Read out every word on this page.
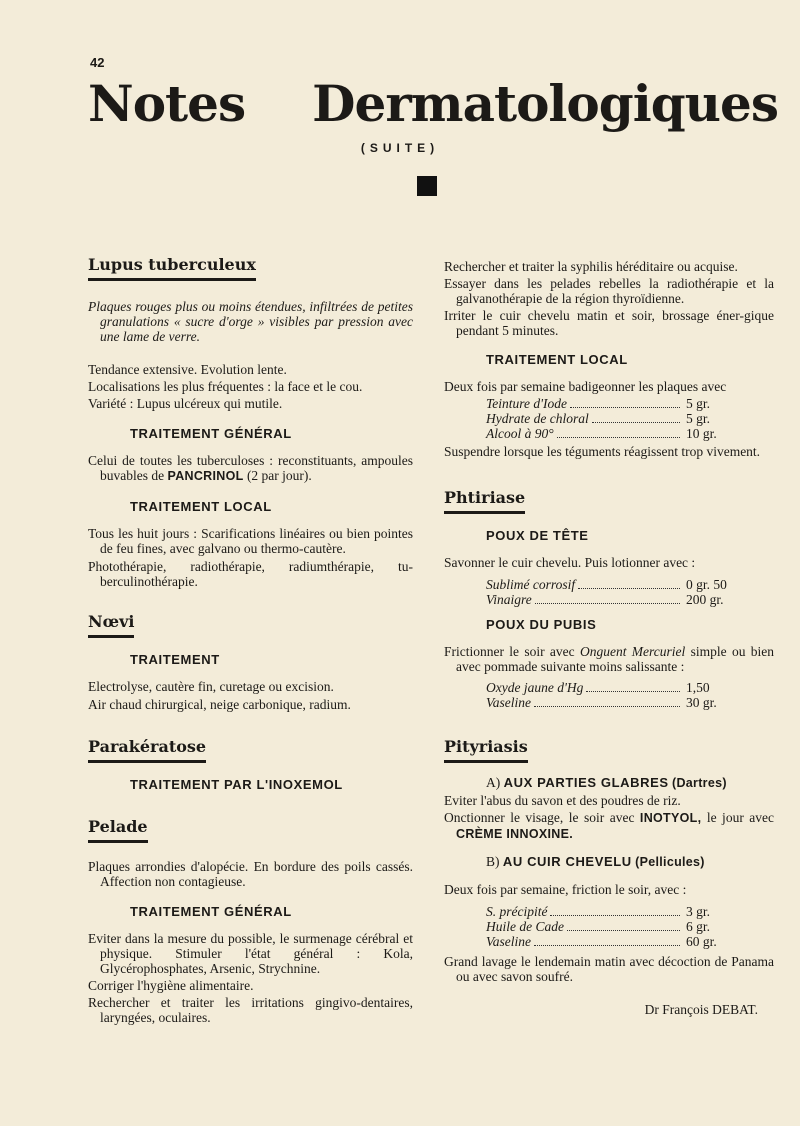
42
Notes Dermatologiques
(SUITE)
Lupus tuberculeux

Plaques rouges plus ou moins étendues, infiltrées de petites granulations « sucre d'orge » visibles par pression avec une lame de verre.

Tendance extensive. Evolution lente.

Localisations les plus fréquentes : la face et le cou.

Variété : Lupus ulcéreux qui mutile.

TRAITEMENT GÉNÉRAL

Celui de toutes les tuberculoses : reconstituants, ampoules buvables de PANCRINOL (2 par jour).

TRAITEMENT LOCAL

Tous les huit jours : Scarifications linéaires ou bien pointes de feu fines, avec galvano ou thermo-cautère.

Photothérapie, radiothérapie, radiumthérapie, tu-berculinothérapie.

Nœvi

TRAITEMENT

Electrolyse, cautère fin, curetage ou excision.

Air chaud chirurgical, neige carbonique, radium.

Parakératose

TRAITEMENT PAR L'INOXEMOL

Pelade

Plaques arrondies d'alopécie. En bordure des poils cassés. Affection non contagieuse.

TRAITEMENT GÉNÉRAL

Eviter dans la mesure du possible, le surmenage cérébral et physique. Stimuler l'état général : Kola, Glycérophosphates, Arsenic, Strychnine.

Corriger l'hygiène alimentaire.

Rechercher et traiter les irritations gingivo-dentaires, laryngées, oculaires.

Rechercher et traiter la syphilis héréditaire ou acquise.

Essayer dans les pelades rebelles la radiothérapie et la galvanothérapie de la région thyroïdienne.

Irriter le cuir chevelu matin et soir, brossage éner-gique pendant 5 minutes.

TRAITEMENT LOCAL

Deux fois par semaine badigeonner les plaques avec

Teinture d'Iode	5 gr.
Hydrate de chloral	5 gr.
Alcool à 90°	10 gr.

Suspendre lorsque les téguments réagissent trop vivement.

Phtiriase

POUX DE TÊTE

Savonner le cuir chevelu. Puis lotionner avec :

Sublimé corrosif	0 gr. 50
Vinaigre	200 gr.

POUX DU PUBIS

Frictionner le soir avec Onguent Mercuriel simple ou bien avec pommade suivante moins salissante :

Oxyde jaune d'Hg	1,50
Vaseline	30 gr.
Pityriasis

A) AUX PARTIES GLABRES (Dartres)

Eviter l'abus du savon et des poudres de riz.

Onctionner le visage, le soir avec INOTYOL, le jour avec CRÈME INNOXINE.

B) AU CUIR CHEVELU (Pellicules)

Deux fois par semaine, friction le soir, avec :

S. précipité	3 gr.
Huile de Cade	6 gr.
Vaseline	60 gr.

Grand lavage le lendemain matin avec décoction de Panama ou avec savon soufré.

Dr François DEBAT.
